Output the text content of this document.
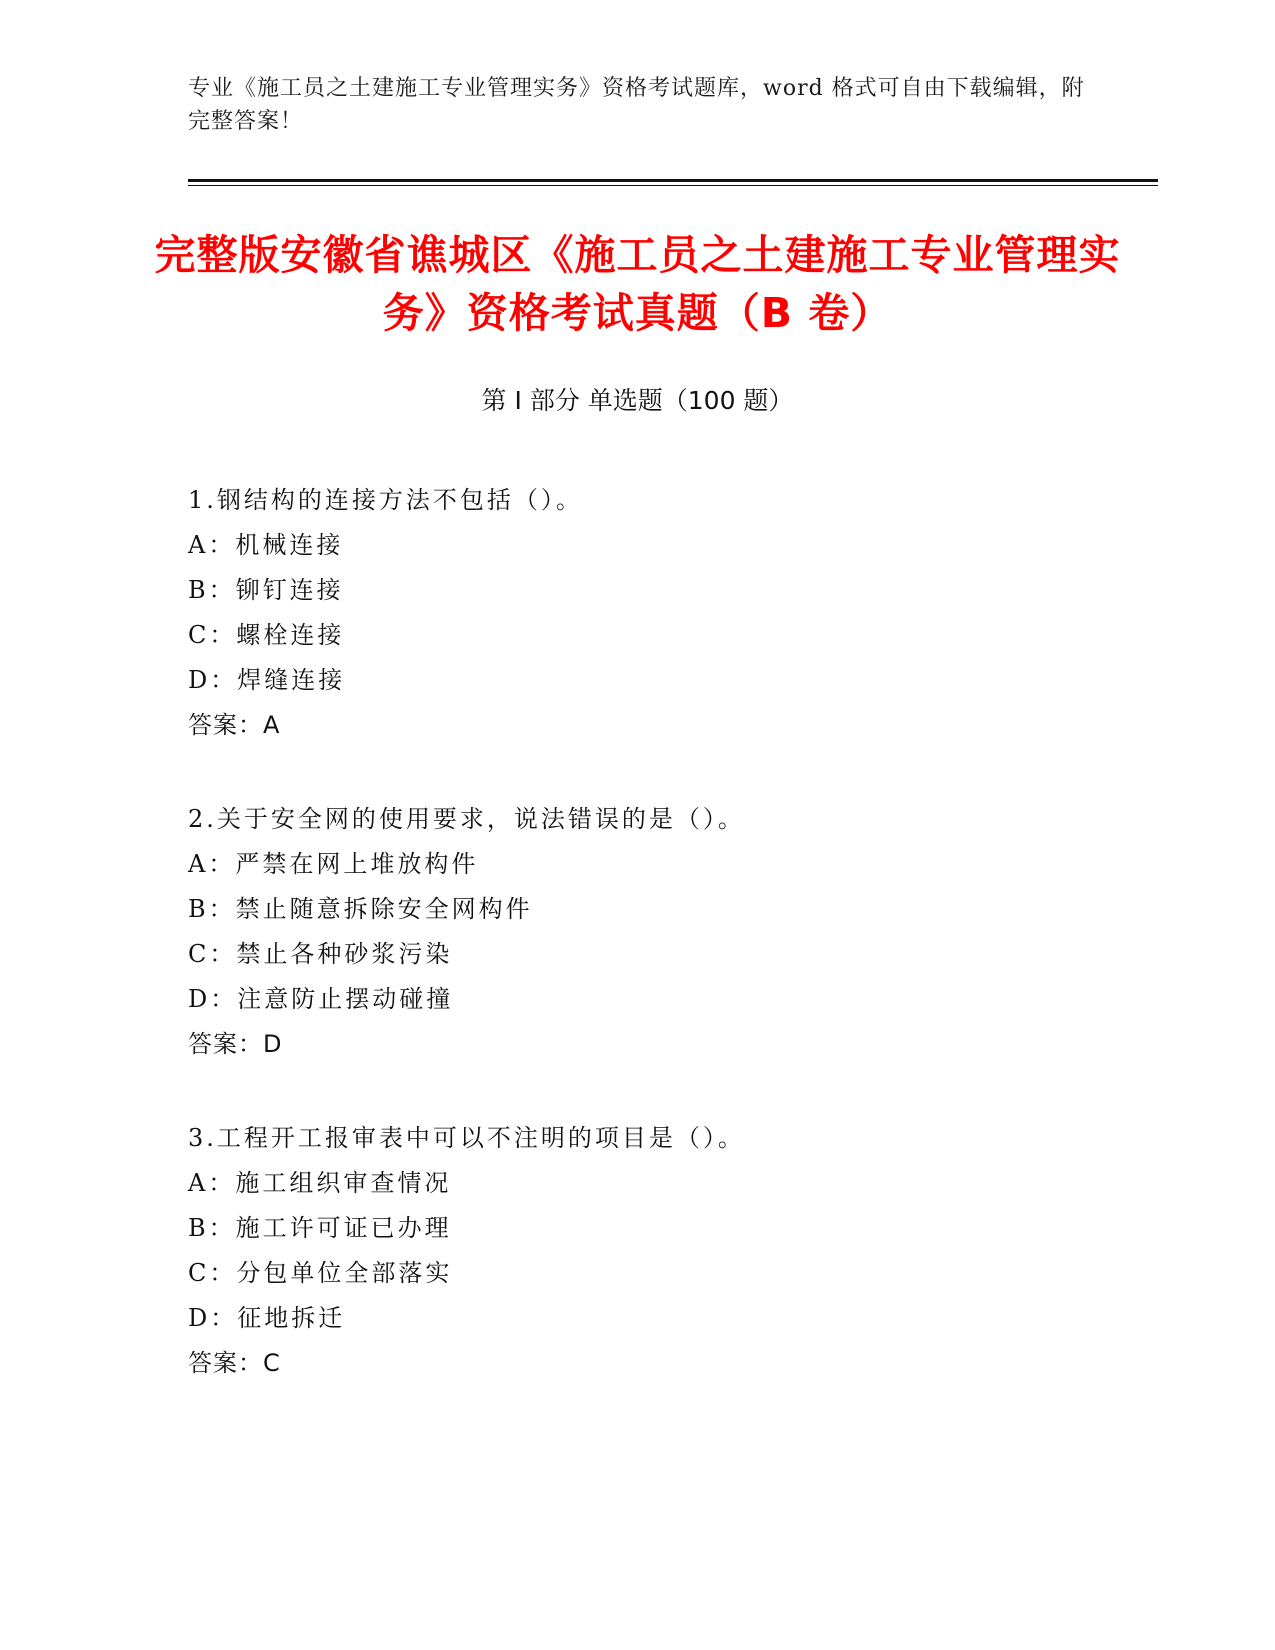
专业《施工员之土建施工专业管理实务》资格考试题库，word 格式可自由下载编辑，附完整答案！
完整版安徽省谯城区《施工员之土建施工专业管理实务》资格考试真题（B 卷）
第 I 部分 单选题（100 题）
1.钢结构的连接方法不包括（）。
A：机械连接
B：铆钉连接
C：螺栓连接
D：焊缝连接
答案：A
2.关于安全网的使用要求，说法错误的是（）。
A：严禁在网上堆放构件
B：禁止随意拆除安全网构件
C：禁止各种砂浆污染
D：注意防止摆动碰撞
答案：D
3.工程开工报审表中可以不注明的项目是（）。
A：施工组织审查情况
B：施工许可证已办理
C：分包单位全部落实
D：征地拆迁
答案：C
